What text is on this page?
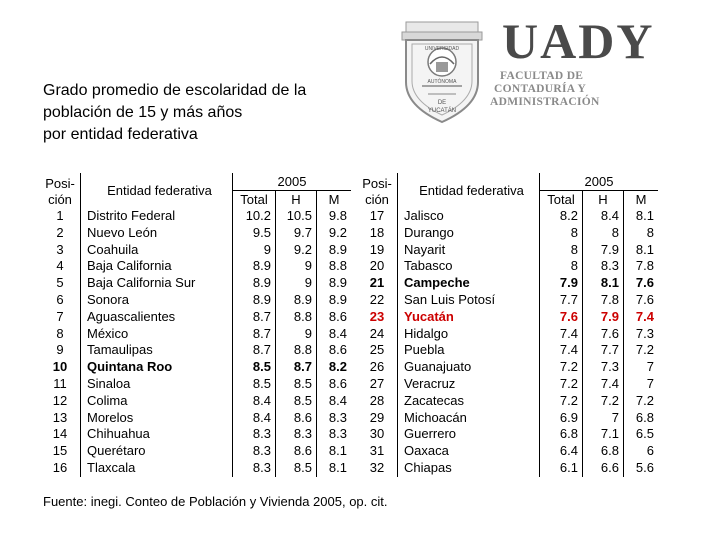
Grado promedio de escolaridad de la
población de 15 y más años
por entidad federativa
UNIVERSIDAD
AUTÓNOMA
DE
YUCATÁN
UADY
FACULTAD DE
CONTADURÍA Y
ADMINISTRACIÓN
Posi-
ción	Entidad federativa	2005		
		Total	H	M

1	Distrito Federal	10.2	10.5	9.8
2	Nuevo León	9.5	9.7	9.2
3	Coahuila	9	9.2	8.9
4	Baja California	8.9	9	8.8
5	Baja California Sur	8.9	9	8.9
6	Sonora	8.9	8.9	8.9
7	Aguascalientes	8.7	8.8	8.6
8	México	8.7	9	8.4
9	Tamaulipas	8.7	8.8	8.6
10	Quintana Roo	8.5	8.7	8.2
11	Sinaloa	8.5	8.5	8.6
12	Colima	8.4	8.5	8.4
13	Morelos	8.4	8.6	8.3
14	Chihuahua	8.3	8.3	8.3
15	Querétaro	8.3	8.6	8.1
16	Tlaxcala	8.3	8.5	8.1
Posi-
ción	Entidad federativa	2005		
		Total	H	M

17	Jalisco	8.2	8.4	8.1
18	Durango	8	8	8
19	Nayarit	8	7.9	8.1
20	Tabasco	8	8.3	7.8
21	Campeche	7.9	8.1	7.6
22	San Luis Potosí	7.7	7.8	7.6
23	Yucatán	7.6	7.9	7.4
24	Hidalgo	7.4	7.6	7.3
25	Puebla	7.4	7.7	7.2
26	Guanajuato	7.2	7.3	7
27	Veracruz	7.2	7.4	7
28	Zacatecas	7.2	7.2	7.2
29	Michoacán	6.9	7	6.8
30	Guerrero	6.8	7.1	6.5
31	Oaxaca	6.4	6.8	6
32	Chiapas	6.1	6.6	5.6
Fuente: inegi. Conteo de Población y Vivienda 2005, op. cit.
